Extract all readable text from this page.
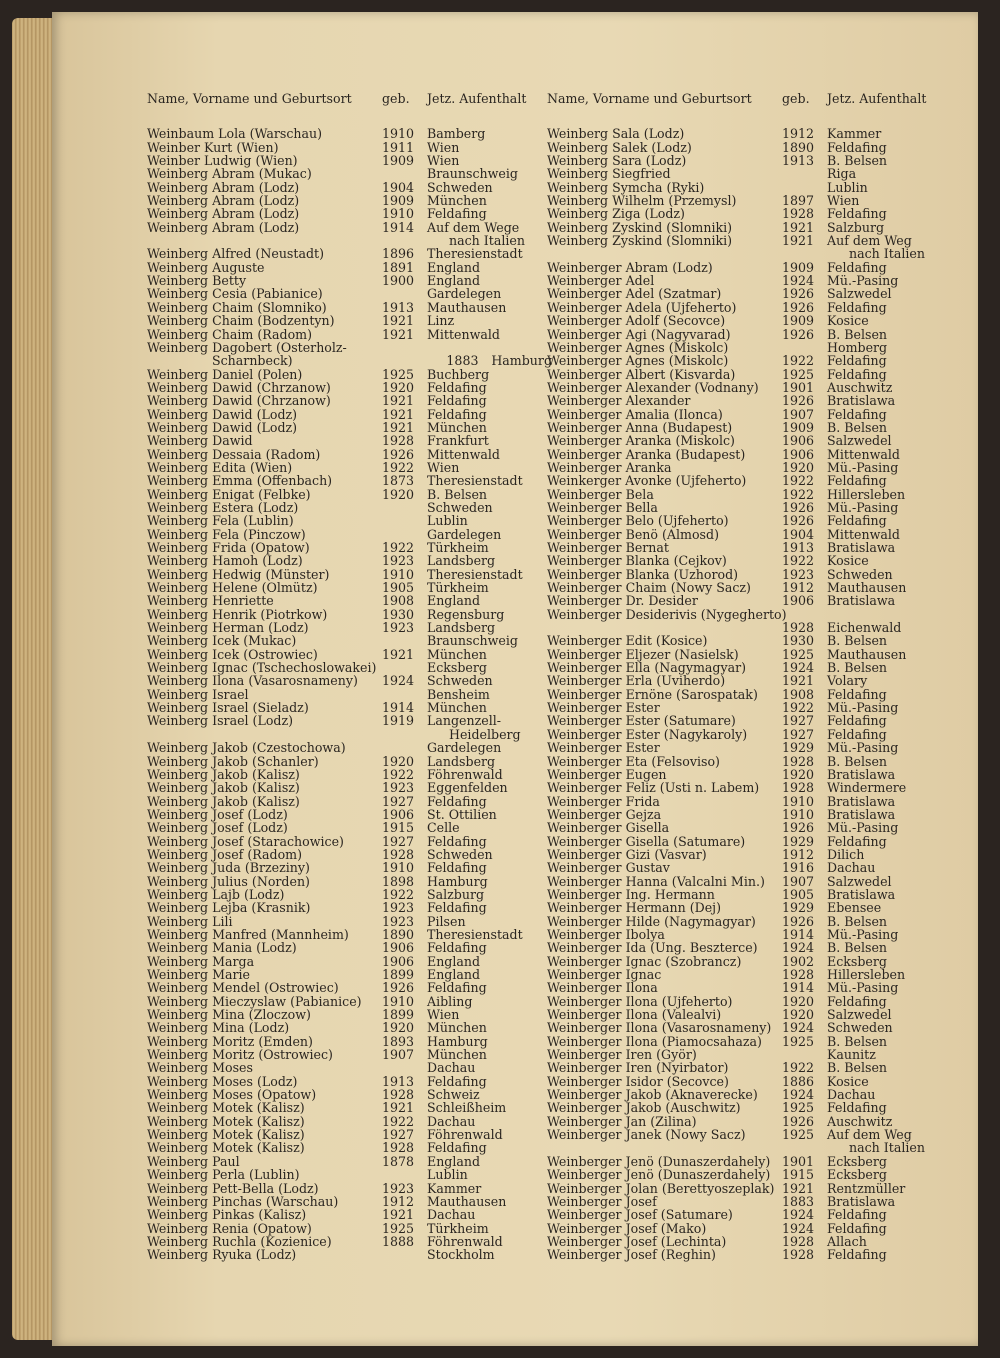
Name, Vorname und Geburtsort	geb.	Jetz. Aufenthalt
Weinbaum Lola (Warschau)	1910	Bamberg
Weinber Kurt (Wien)	1911	Wien
Weinber Ludwig (Wien)	1909	Wien
Weinberg Abram (Mukac)	Braunschweig
Weinberg Abram (Lodz)	1904	Schweden
Weinberg Abram (Lodz)	1909	München
Weinberg Abram (Lodz)	1910	Feldafing
Weinberg Abram (Lodz)	1914	Auf dem Wege
nach Italien
Weinberg Alfred (Neustadt)	1896	Theresienstadt
Weinberg Auguste	1891	England
Weinberg Betty	1900	England
Weinberg Cesia (Pabianice)	Gardelegen
Weinberg Chaim (Slomniko)	1913	Mauthausen
Weinberg Chaim (Bodzentyn)	1921	Linz
Weinberg Chaim (Radom)	1921	Mittenwald
Weinberg Dagobert (Osterholz-
Scharnbeck)	1883	Hamburg
Weinberg Daniel (Polen)	1925	Buchberg
Weinberg Dawid (Chrzanow)	1920	Feldafing
Weinberg Dawid (Chrzanow)	1921	Feldafing
Weinberg Dawid (Lodz)	1921	Feldafing
Weinberg Dawid (Lodz)	1921	München
Weinberg Dawid	1928	Frankfurt
Weinberg Dessaia (Radom)	1926	Mittenwald
Weinberg Edita (Wien)	1922	Wien
Weinberg Emma (Offenbach)	1873	Theresienstadt
Weinberg Enigat (Felbke)	1920	B. Belsen
Weinberg Estera (Lodz)	Schweden
Weinberg Fela (Lublin)	Lublin
Weinberg Fela (Pinczow)	Gardelegen
Weinberg Frida (Opatow)	1922	Türkheim
Weinberg Hamoh (Lodz)	1923	Landsberg
Weinberg Hedwig (Münster)	1910	Theresienstadt
Weinberg Helene (Olmütz)	1905	Türkheim
Weinberg Henriette	1908	England
Weinberg Henrik (Piotrkow)	1930	Regensburg
Weinberg Herman (Lodz)	1923	Landsberg
Weinberg Icek (Mukac)	Braunschweig
Weinberg Icek (Ostrowiec)	1921	München
Weinberg Ignac (Tschechoslowakei)	Ecksberg
Weinberg Ilona (Vasarosnameny)	1924	Schweden
Weinberg Israel	Bensheim
Weinberg Israel (Sieladz)	1914	München
Weinberg Israel (Lodz)	1919	Langenzell-
Heidelberg
Weinberg Jakob (Czestochowa)	Gardelegen
Weinberg Jakob (Schanler)	1920	Landsberg
Weinberg Jakob (Kalisz)	1922	Föhrenwald
Weinberg Jakob (Kalisz)	1923	Eggenfelden
Weinberg Jakob (Kalisz)	1927	Feldafing
Weinberg Josef (Lodz)	1906	St. Ottilien
Weinberg Josef (Lodz)	1915	Celle
Weinberg Josef (Starachowice)	1927	Feldafing
Weinberg Josef (Radom)	1928	Schweden
Weinberg Juda (Brzeziny)	1910	Feldafing
Weinberg Julius (Norden)	1898	Hamburg
Weinberg Lajb (Lodz)	1922	Salzburg
Weinberg Lejba (Krasnik)	1923	Feldafing
Weinberg Lili	1923	Pilsen
Weinberg Manfred (Mannheim)	1890	Theresienstadt
Weinberg Mania (Lodz)	1906	Feldafing
Weinberg Marga	1906	England
Weinberg Marie	1899	England
Weinberg Mendel (Ostrowiec)	1926	Feldafing
Weinberg Mieczyslaw (Pabianice)	1910	Aibling
Weinberg Mina (Zloczow)	1899	Wien
Weinberg Mina (Lodz)	1920	München
Weinberg Moritz (Emden)	1893	Hamburg
Weinberg Moritz (Ostrowiec)	1907	München
Weinberg Moses	Dachau
Weinberg Moses (Lodz)	1913	Feldafing
Weinberg Moses (Opatow)	1928	Schweiz
Weinberg Motek (Kalisz)	1921	Schleißheim
Weinberg Motek (Kalisz)	1922	Dachau
Weinberg Motek (Kalisz)	1927	Föhrenwald
Weinberg Motek (Kalisz)	1928	Feldafing
Weinberg Paul	1878	England
Weinberg Perla (Lublin)	Lublin
Weinberg Pett-Bella (Lodz)	1923	Kammer
Weinberg Pinchas (Warschau)	1912	Mauthausen
Weinberg Pinkas (Kalisz)	1921	Dachau
Weinberg Renia (Opatow)	1925	Türkheim
Weinberg Ruchla (Kozienice)	1888	Föhrenwald
Weinberg Ryuka (Lodz)	Stockholm
Name, Vorname und Geburtsort	geb.	Jetz. Aufenthalt
Weinberg Sala (Lodz)	1912	Kammer
Weinberg Salek (Lodz)	1890	Feldafing
Weinberg Sara (Lodz)	1913	B. Belsen
Weinberg Siegfried	Riga
Weinberg Symcha (Ryki)	Lublin
Weinberg Wilhelm (Przemysl)	1897	Wien
Weinberg Ziga (Lodz)	1928	Feldafing
Weinberg Zyskind (Slomniki)	1921	Salzburg
Weinberg Zyskind (Slomniki)	1921	Auf dem Weg
nach Italien
Weinberger Abram (Lodz)	1909	Feldafing
Weinberger Adel	1924	Mü.-Pasing
Weinberger Adel (Szatmar)	1926	Salzwedel
Weinberger Adela (Ujfeherto)	1926	Feldafing
Weinberger Adolf (Secovce)	1909	Kosice
Weinberger Agi (Nagyvarad)	1926	B. Belsen
Weinberger Agnes (Miskolc)	Homberg
Weinberger Agnes (Miskolc)	1922	Feldafing
Weinberger Albert (Kisvarda)	1925	Feldafing
Weinberger Alexander (Vodnany)	1901	Auschwitz
Weinberger Alexander	1926	Bratislawa
Weinberger Amalia (Ilonca)	1907	Feldafing
Weinberger Anna (Budapest)	1909	B. Belsen
Weinberger Aranka (Miskolc)	1906	Salzwedel
Weinberger Aranka (Budapest)	1906	Mittenwald
Weinberger Aranka	1920	Mü.-Pasing
Weinkerger Avonke (Ujfeherto)	1922	Feldafing
Weinberger Bela	1922	Hillersleben
Weinberger Bella	1926	Mü.-Pasing
Weinberger Belo (Ujfeherto)	1926	Feldafing
Weinberger Benö (Almosd)	1904	Mittenwald
Weinberger Bernat	1913	Bratislawa
Weinberger Blanka (Cejkov)	1922	Kosice
Weinberger Blanka (Uzhorod)	1923	Schweden
Weinberger Chaim (Nowy Sacz)	1912	Mauthausen
Weinberger Dr. Desider	1906	Bratislawa
Weinberger Desiderivis (Nygegherto)
1928	Eichenwald
Weinberger Edit (Kosice)	1930	B. Belsen
Weinberger Eljezer (Nasielsk)	1925	Mauthausen
Weinberger Ella (Nagymagyar)	1924	B. Belsen
Weinberger Erla (Uviherdo)	1921	Volary
Weinberger Ernöne (Sarospatak)	1908	Feldafing
Weinberger Ester	1922	Mü.-Pasing
Weinberger Ester (Satumare)	1927	Feldafing
Weinberger Ester (Nagykaroly)	1927	Feldafing
Weinberger Ester	1929	Mü.-Pasing
Weinberger Eta (Felsoviso)	1928	B. Belsen
Weinberger Eugen	1920	Bratislawa
Weinberger Feliz (Usti n. Labem)	1928	Windermere
Weinberger Frida	1910	Bratislawa
Weinberger Gejza	1910	Bratislawa
Weinberger Gisella	1926	Mü.-Pasing
Weinberger Gisella (Satumare)	1929	Feldafing
Weinberger Gizi (Vasvar)	1912	Dilich
Weinberger Gustav	1916	Dachau
Weinberger Hanna (Valcalni Min.)	1907	Salzwedel
Weinberger Ing. Hermann	1905	Bratislawa
Weinberger Hermann (Dej)	1929	Ebensee
Weinberger Hilde (Nagymagyar)	1926	B. Belsen
Weinberger Ibolya	1914	Mü.-Pasing
Weinberger Ida (Ung. Beszterce)	1924	B. Belsen
Weinberger Ignac (Szobrancz)	1902	Ecksberg
Weinberger Ignac	1928	Hillersleben
Weinberger Ilona	1914	Mü.-Pasing
Weinberger Ilona (Ujfeherto)	1920	Feldafing
Weinberger Ilona (Valealvi)	1920	Salzwedel
Weinberger Ilona (Vasarosnameny) 1924	Schweden
Weinberger Ilona (Piamocsahaza)	1925	B. Belsen
Weinberger Iren (Györ)	Kaunitz
Weinberger Iren (Nyirbator)	1922	B. Belsen
Weinberger Isidor (Secovce)	1886	Kosice
Weinberger Jakob (Aknaverecke)	1924	Dachau
Weinberger Jakob (Auschwitz)	1925	Feldafing
Weinberger Jan (Zilina)	1926	Auschwitz
Weinberger Janek (Nowy Sacz)	1925	Auf dem Weg
nach Italien
Weinberger Jenö (Dunaszerdahely) 1901	Ecksberg
Weinberger Jenö (Dunaszerdahely) 1915	Ecksberg
Weinberger Jolan (Berettyoszeplak) 1921	Rentzmüller
Weinberger Josef	1883	Bratislawa
Weinberger Josef (Satumare)	1924	Feldafing
Weinberger Josef (Mako)	1924	Feldafing
Weinberger Josef (Lechinta)	1928	Allach
Weinberger Josef (Reghin)	1928	Feldafing
